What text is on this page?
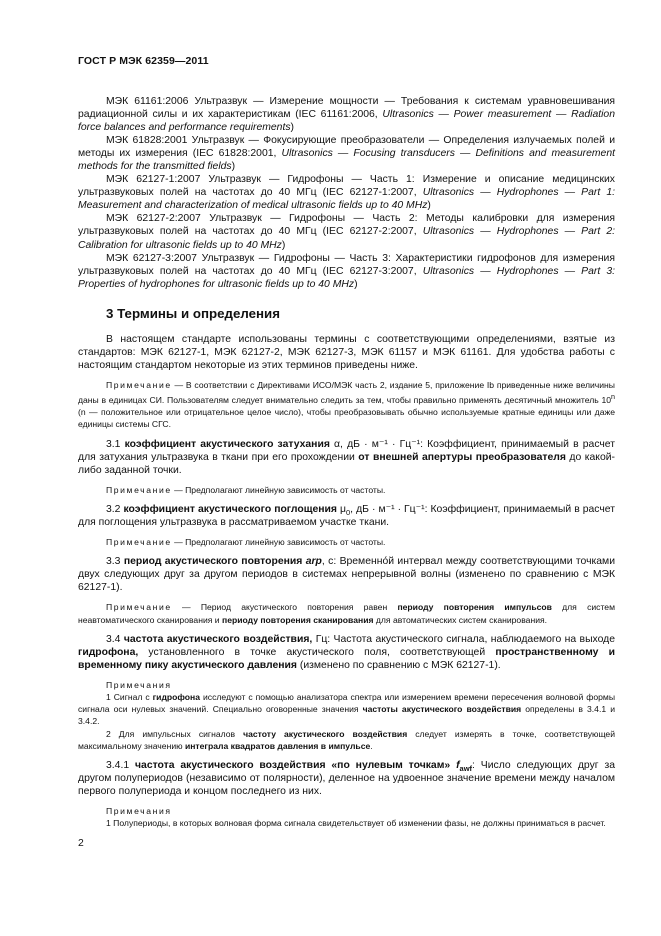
ГОСТ Р МЭК 62359—2011

МЭК 61161:2006 Ультразвук — Измерение мощности — Требования к системам уравновешивания радиационной силы и их характеристикам (IEC 61161:2006, Ultrasonics — Power measurement — Radiation force balances and performance requirements)

МЭК 61828:2001 Ультразвук — Фокусирующие преобразователи — Определения излучаемых полей и методы их измерения (IEC 61828:2001, Ultrasonics — Focusing transducers — Definitions and measurement methods for the transmitted fields)

МЭК 62127-1:2007 Ультразвук — Гидрофоны — Часть 1: Измерение и описание медицинских ультразвуковых полей на частотах до 40 МГц (IEC 62127-1:2007, Ultrasonics — Hydrophones — Part 1: Measurement and characterization of medical ultrasonic fields up to 40 MHz)

МЭК 62127-2:2007 Ультразвук — Гидрофоны — Часть 2: Методы калибровки для измерения ультразвуковых полей на частотах до 40 МГц (IEC 62127-2:2007, Ultrasonics — Hydrophones — Part 2: Calibration for ultrasonic fields up to 40 MHz)

МЭК 62127-3:2007 Ультразвук — Гидрофоны — Часть 3: Характеристики гидрофонов для измерения ультразвуковых полей на частотах до 40 МГц (IEC 62127-3:2007, Ultrasonics — Hydrophones — Part 3: Properties of hydrophones for ultrasonic fields up to 40 MHz)

3 Термины и определения

В настоящем стандарте использованы термины с соответствующими определениями, взятые из стандартов: МЭК 62127-1, МЭК 62127-2, МЭК 62127-3, МЭК 61157 и МЭК 61161. Для удобства работы с настоящим стандартом некоторые из этих терминов приведены ниже.

Примечание — В соответствии с Директивами ИСО/МЭК часть 2, издание 5, приложение Ib приведенные ниже величины даны в единицах СИ. Пользователям следует внимательно следить за тем, чтобы правильно применять десятичный множитель 10$^n$ (n — положительное или отрицательное целое число), чтобы преобразовывать обычно используемые кратные единицы или даже единицы системы СГС.

3.1 коэффициент акустического затухания α, дБ · м⁻¹ · Гц⁻¹: Коэффициент, принимаемый в расчет для затухания ультразвука в ткани при его прохождении от внешней апертуры преобразователя до какой-либо заданной точки.

Примечание — Предполагают линейную зависимость от частоты.

3.2 коэффициент акустического поглощения $\mu_0$, дБ · м⁻¹ · Гц⁻¹: Коэффициент, принимаемый в расчет для поглощения ультразвука в рассматриваемом участке ткани.

Примечание — Предполагают линейную зависимость от частоты.

3.3 период акустического повторения arp, с: Временно́й интервал между соответствующими точками двух следующих друг за другом периодов в системах непрерывной волны (изменено по сравнению с МЭК 62127-1).

Примечание — Период акустического повторения равен периоду повторения импульсов для систем неавтоматического сканирования и периоду повторения сканирования для автоматических систем сканирования.

3.4 частота акустического воздействия, Гц: Частота акустического сигнала, наблюдаемого на выходе гидрофона, установленного в точке акустического поля, соответствующей пространственному и временному пику акустического давления (изменено по сравнению с МЭК 62127-1).

Примечания

1 Сигнал с гидрофона исследуют с помощью анализатора спектра или измерением времени пересечения волновой формы сигнала оси нулевых значений. Специально оговоренные значения частоты акустического воздействия определены в 3.4.1 и 3.4.2.

2 Для импульсных сигналов частоту акустического воздействия следует измерять в точке, соответствующей максимальному значению интеграла квадратов давления в импульсе.

3.4.1 частота акустического воздействия «по нулевым точкам» $f_{awf}$: Число следующих друг за другом полупериодов (независимо от полярности), деленное на удвоенное значение времени между началом первого полупериода и концом последнего из них.

Примечания

1 Полупериоды, в которых волновая форма сигнала свидетельствует об изменении фазы, не должны приниматься в расчет.

2
